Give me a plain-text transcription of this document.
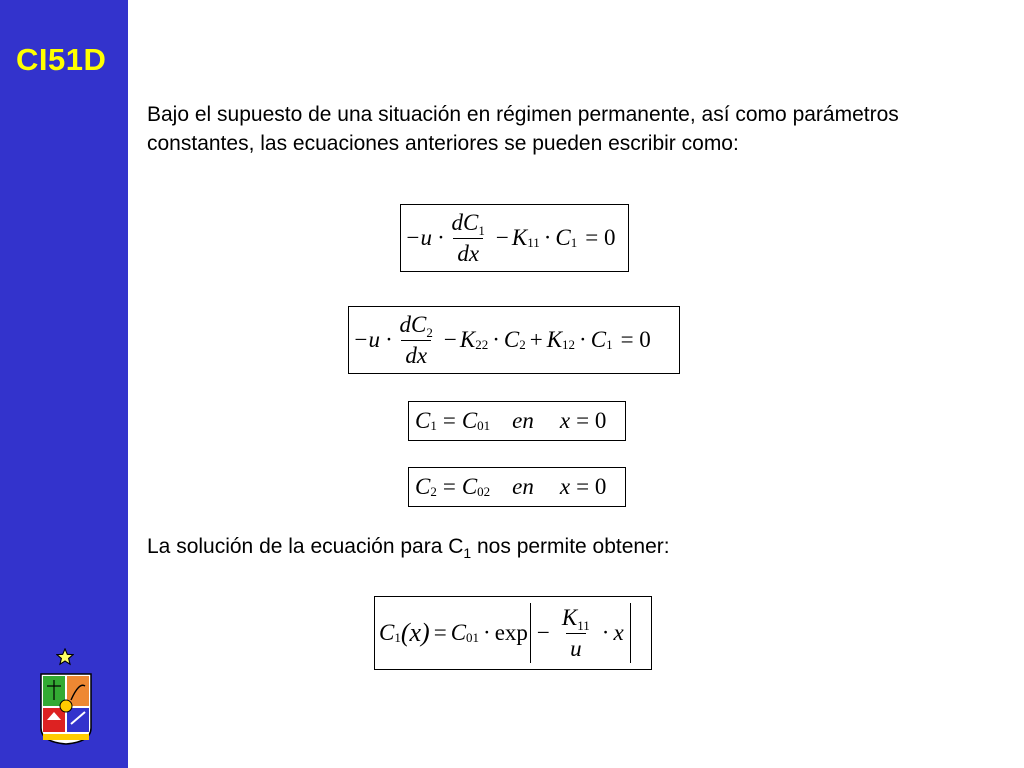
CI51D

Bajo el supuesto de una situación en régimen permanente, así como parámetros constantes, las ecuaciones anteriores se pueden escribir como:

$-u \cdot \frac{dC_1}{dx} - K$ 11 · C 1 = 0
$-u \cdot \frac{dC_2}{dx} - K$ 22 · C 2 + K 12 · C 1 = 0
C 1 = C 01 en x = 0
C 2 = C 02 en x = 0

La solución de la ecuación para $C_1$ nos permite obtener:

C 1 (x) = C $01 \cdot \exp - \frac{K_{11}}{u} \cdot x$
